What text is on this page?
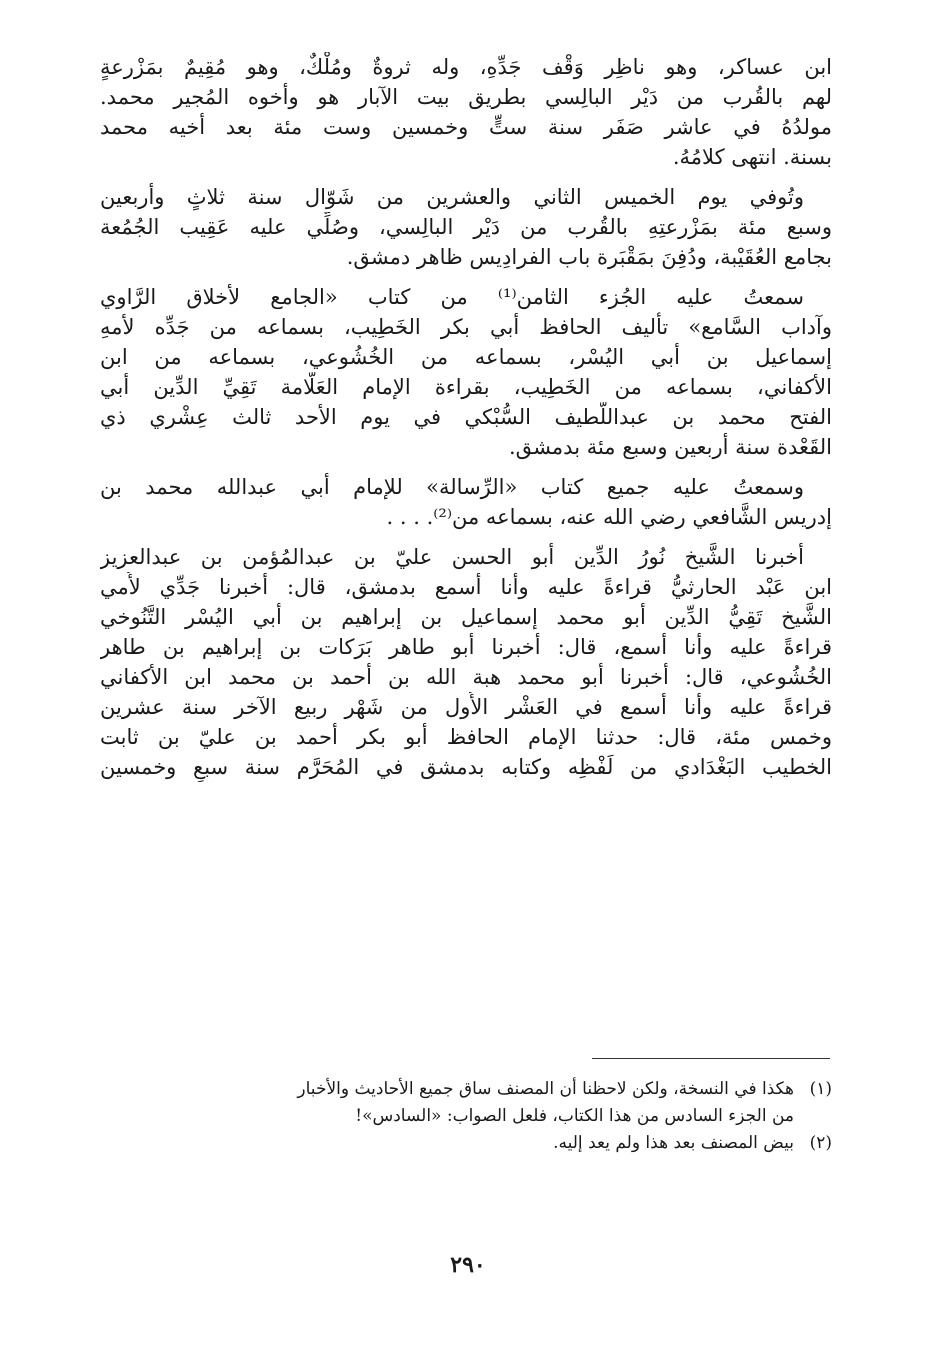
ابن عساكر، وهو ناظِر وَقْف جَدِّهِ، وله ثروةٌ ومُلْكٌ، وهو مُقِيمٌ بمَزْرعةٍ
لهم بالقُرب من دَيْر البالِسي بطريق بيت الآبار هو وأخوه المُجير محمد.
مولدُهُ في عاشر صَفَر سنة ستٍّ وخمسين وست مئة بعد أخيه محمد
بسنة. انتهى كلامُهُ.
وتُوفي يوم الخميس الثاني والعشرين من شَوّال سنة ثلاثٍ وأربعين
وسبع مئة بمَزْرعتِهِ بالقُرب من دَيْر البالِسي، وصُلِّي عليه عَقِيب الجُمُعة
بجامع العُقَيْبة، ودُفِنَ بمَقْبَرة باب الفرادِيس ظاهر دمشق.
سمعتُ عليه الجُزء الثامن⁽¹⁾ من كتاب «الجامع لأخلاق الرَّاوي
وآداب السَّامع» تأليف الحافظ أبي بكر الخَطِيب، بسماعه من جَدِّه لأمهِ
إسماعيل بن أبي اليُسْر، بسماعه من الخُشُوعي، بسماعه من ابن
الأكفاني، بسماعه من الخَطِيب، بقراءة الإمام العَلَّامة تَقِيِّ الدِّين أبي
الفتح محمد بن عبداللَّطيف السُّبْكي في يوم الأحد ثالث عِشْري ذي
القَعْدة سنة أربعين وسبع مئة بدمشق.
وسمعتُ عليه جميع كتاب «الرِّسالة» للإمام أبي عبدالله محمد بن
إدريس الشَّافعي رضي الله عنه، بسماعه من⁽²⁾. . . .
أخبرنا الشَّيخ نُورُ الدِّين أبو الحسن عليّ بن عبدالمُؤمن بن عبدالعزيز
ابن عَبْد الحارثيُّ قراءةً عليه وأنا أسمع بدمشق، قال: أخبرنا جَدِّي لأُمي
الشَّيخ تَقِيُّ الدِّين أبو محمد إسماعيل بن إبراهيم بن أبي اليُسْر التَّنُوخي
قراءةً عليه وأنا أسمع، قال: أخبرنا أبو طاهر بَرَكات بن إبراهيم بن طاهر
الخُشُوعي، قال: أخبرنا أبو محمد هبة الله بن أحمد بن محمد ابن الأكفاني
قراءةً عليه وأنا أسمع في العَشْر الأُول من شَهْر ربيع الآخر سنة عشرين
وخمس مئة، قال: حدثنا الإمام الحافظ أبو بكر أحمد بن عليّ بن ثابت
الخطيب البَغْدَادي من لَفْظِه وكتابه بدمشق في المُحَرَّم سنة سبعٍ وخمسين
(١)هكذا في النسخة، ولكن لاحظنا أن المصنف ساق جميع الأحاديث والأخبار
من الجزء السادس من هذا الكتاب، فلعل الصواب: «السادس»!
(٢)بيض المصنف بعد هذا ولم يعد إليه.
٢٩٠
